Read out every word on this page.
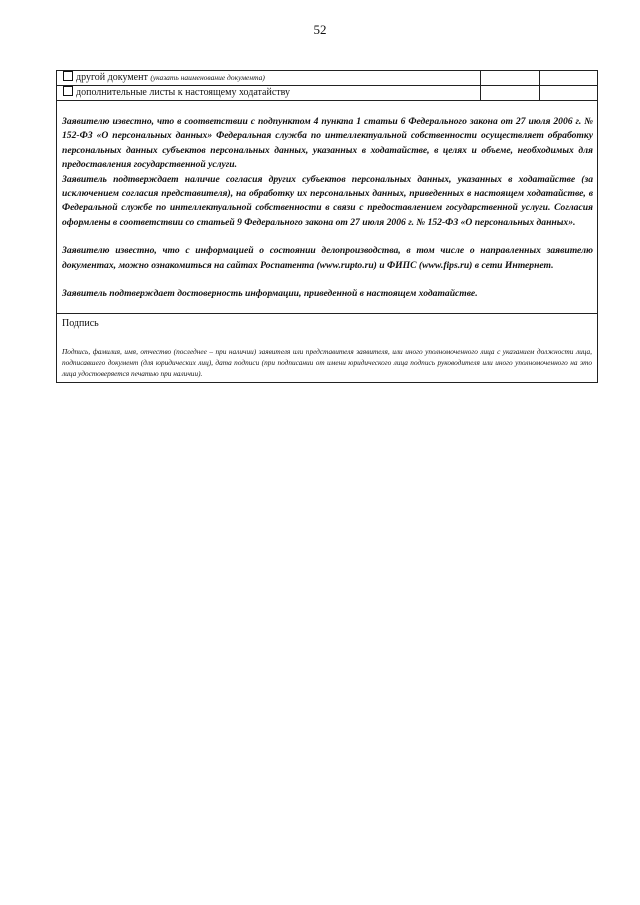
52
другой документ (указать наименование документа)		
дополнительные листы к настоящему ходатайству		

Заявителю известно, что в соответствии с подпунктом 4 пункта 1 статьи 6 Федерального закона от 27 июля 2006 г. № 152-ФЗ «О персональных данных» Федеральная служба по интеллектуальной собственности осуществляет обработку персональных данных субъектов персональных данных, указанных в ходатайстве, в целях и объеме, необходимых для предоставления государственной услуги.

Заявитель подтверждает наличие согласия других субъектов персональных данных, указанных в ходатайстве (за исключением согласия представителя), на обработку их персональных данных, приведенных в настоящем ходатайстве, в Федеральной службе по интеллектуальной собственности в связи с предоставлением государственной услуги. Согласия оформлены в соответствии со статьей 9 Федерального закона от 27 июля 2006 г. № 152-ФЗ «О персональных данных».

Заявителю известно, что с информацией о состоянии делопроизводства, в том числе о направленных заявителю документах, можно ознакомиться на сайтах Роспатента (www.rupto.ru) и ФИПС (www.fips.ru) в сети Интернет.

Заявитель подтверждает достоверность информации, приведенной в настоящем ходатайстве.		

Подпись

Подпись, фамилия, имя, отчество (последнее – при наличии) заявителя или представителя заявителя, или иного уполномоченного лица с указанием должности лица, подписавшего документ (для юридических лиц), дата подписи (при подписании от имени юридического лица подпись руководителя или иного уполномоченного на это лица удостоверяется печатью при наличии).		
